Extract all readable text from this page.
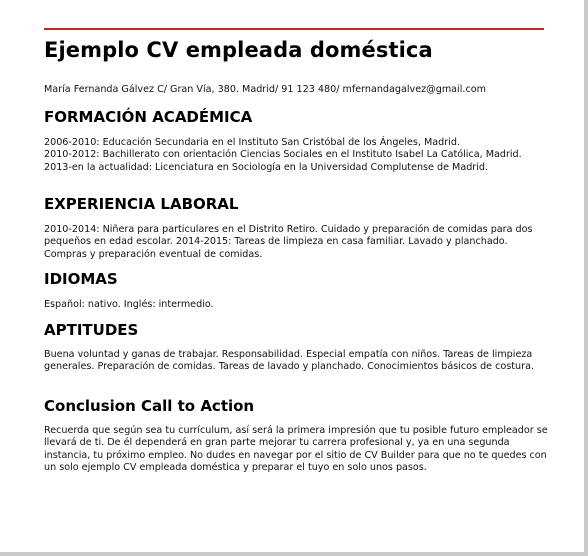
Ejemplo CV empleada doméstica
María Fernanda Gálvez C/ Gran Vía, 380. Madrid/ 91 123 480/ mfernandagalvez@gmail.com
FORMACIÓN ACADÉMICA
2006-2010: Educación Secundaria en el Instituto San Cristóbal de los Ángeles, Madrid.
2010-2012: Bachillerato con orientación Ciencias Sociales en el Instituto Isabel La Católica, Madrid. 2013-en la actualidad: Licenciatura en Sociología en la Universidad Complutense de Madrid.
EXPERIENCIA LABORAL

2010-2014: Niñera para particulares en el Distrito Retiro. Cuidado y preparación de comidas para dos pequeños en edad escolar. 2014-2015: Tareas de limpieza en casa familiar. Lavado y planchado. Compras y preparación eventual de comidas.

IDIOMAS

Español: nativo. Inglés: intermedio.

APTITUDES

Buena voluntad y ganas de trabajar. Responsabilidad. Especial empatía con niños. Tareas de limpieza generales. Preparación de comidas. Tareas de lavado y planchado. Conocimientos básicos de costura.

Conclusion Call to Action

Recuerda que según sea tu currículum, así será la primera impresión que tu posible futuro empleador se llevará de ti. De él dependerá en gran parte mejorar tu carrera profesional y, ya en una segunda instancia, tu próximo empleo. No dudes en navegar por el sitio de CV Builder para que no te quedes con un solo ejemplo CV empleada doméstica y preparar el tuyo en solo unos pasos.
